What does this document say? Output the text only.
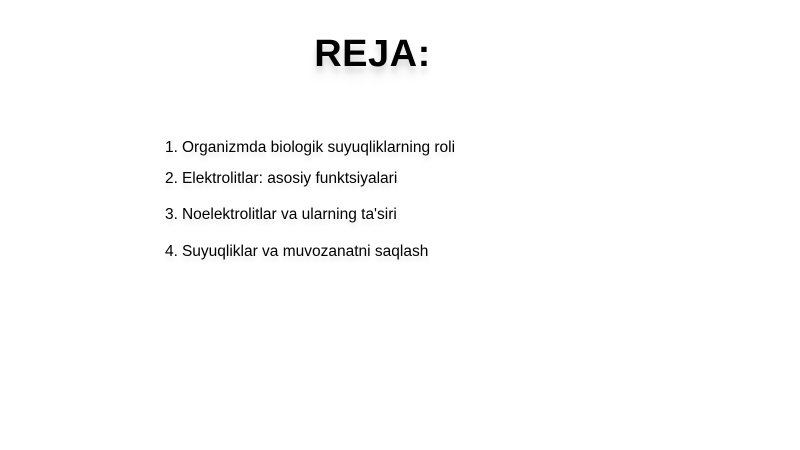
REJA:
1. Organizmda biologik suyuqliklarning roli
2. Elektrolitlar: asosiy funktsiyalari
3. Noelektrolitlar va ularning ta'siri
4. Suyuqliklar va muvozanatni saqlash
